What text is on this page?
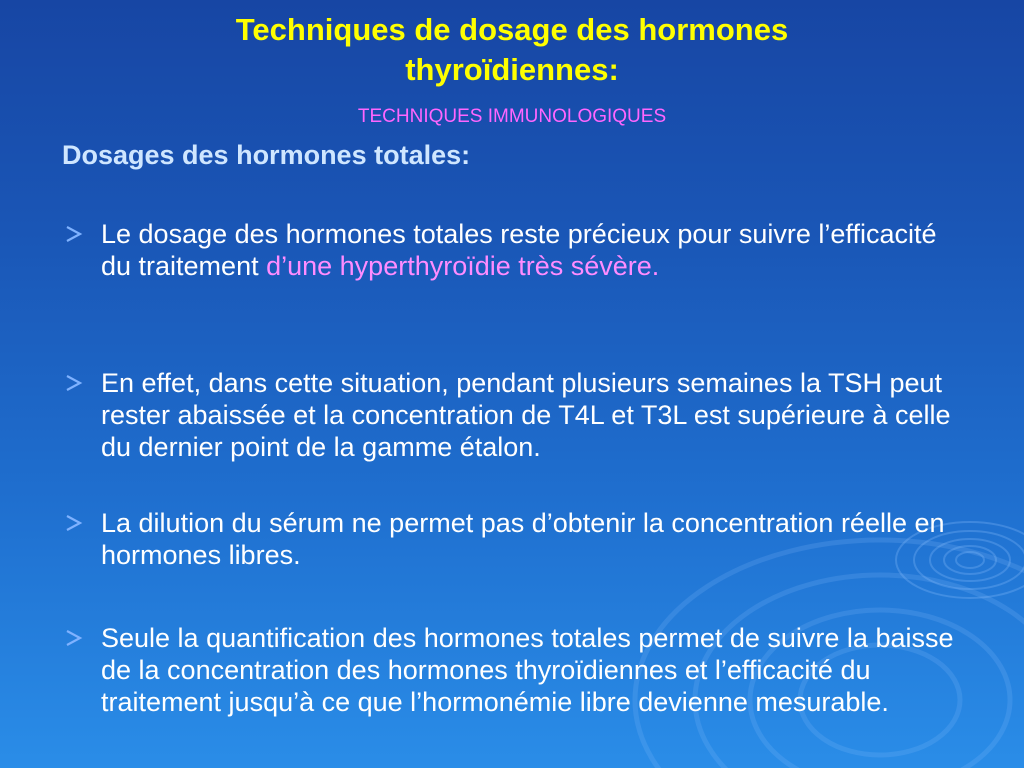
Techniques de dosage des hormones
thyroïdiennes:

TECHNIQUES IMMUNOLOGIQUES

Dosages des hormones totales:
Le dosage des hormones totales reste précieux pour suivre l’efficacité du traitement d’une hyperthyroïdie très sévère.
En effet, dans cette situation, pendant plusieurs semaines la TSH peut rester abaissée et la concentration de T4L et T3L est supérieure à celle du dernier point de la gamme étalon.
La dilution du sérum ne permet pas d’obtenir la concentration réelle en hormones libres.
Seule la quantification des hormones totales permet de suivre la baisse de la concentration des hormones thyroïdiennes et l’efficacité du traitement jusqu’à ce que l’hormonémie libre devienne mesurable.
